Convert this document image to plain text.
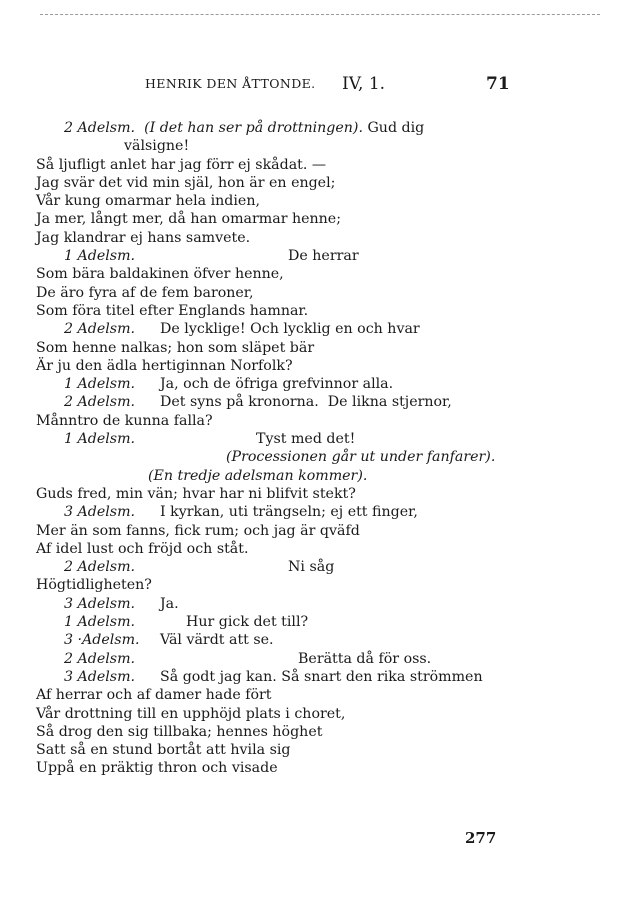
HENRIK DEN ÅTTONDE. IV, 1.	71
2 Adelsm. (I det han ser på drottningen). Gud dig
välsigne!
Så ljufligt anlet har jag förr ej skådat. —
Jag svär det vid min själ, hon är en engel;
Vår kung omarmar hela indien,
Ja mer, långt mer, då han omarmar henne;
Jag klandrar ej hans samvete.
1 Adelsm.	De herrar
Som bära baldakinen öfver henne,
De äro fyra af de fem baroner,
Som föra titel efter Englands hamnar.
2 Adelsm. De lycklige! Och lycklig en och hvar
Som henne nalkas; hon som släpet bär
Är ju den ädla hertiginnan Norfolk?
1 Adelsm. Ja, och de öfriga grefvinnor alla.
2 Adelsm. Det syns på kronorna.  De likna stjernor,
Månntro de kunna falla?
1 Adelsm.	Tyst med det!
(Processionen går ut under fanfarer).
(En tredje adelsman kommer).
Guds fred, min vän; hvar har ni blifvit stekt?
3 Adelsm. I kyrkan, uti trängseln; ej ett finger,
Mer än som fanns, fick rum; och jag är qväfd
Af idel lust och fröjd och ståt.
2 Adelsm.	Ni såg
Högtidligheten?
3 Adelsm. Ja.
1 Adelsm.	Hur gick det till?
3 ·Adelsm. Väl värdt att se.
2 Adelsm.	Berätta då för oss.
3 Adelsm. Så godt jag kan. Så snart den rika strömmen
Af herrar och af damer hade fört
Vår drottning till en upphöjd plats i choret,
Så drog den sig tillbaka; hennes höghet
Satt så en stund bortåt att hvila sig
Uppå en präktig thron och visade
277
